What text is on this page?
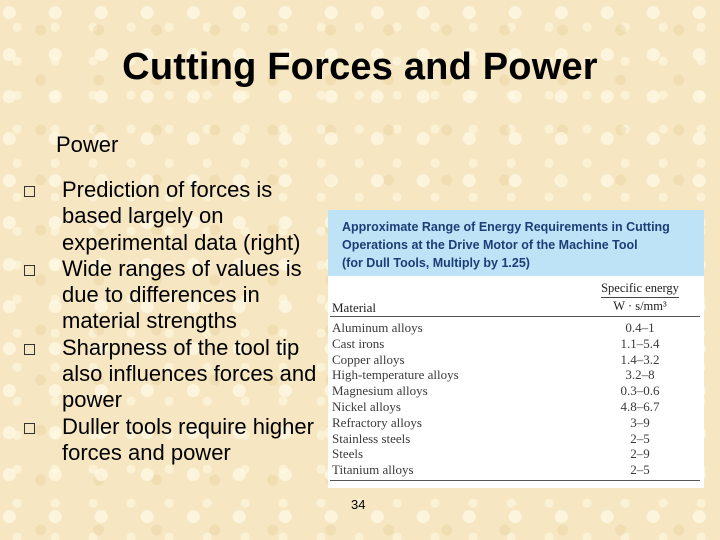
Cutting Forces and Power
Power
Prediction of forces is based largely on experimental data (right)
Wide ranges of values is due to differences in material strengths
Sharpness of the tool tip also influences forces and power
Duller tools require higher forces and power
Approximate Range of Energy Requirements in Cutting
Operations at the Drive Motor of the Machine Tool
(for Dull Tools, Multiply by 1.25)
Specific energy
W · s/mm³
Material
Aluminum alloys	0.4–1
Cast irons	1.1–5.4
Copper alloys	1.4–3.2
High-temperature alloys	3.2–8
Magnesium alloys	0.3–0.6
Nickel alloys	4.8–6.7
Refractory alloys	3–9
Stainless steels	2–5
Steels	2–9
Titanium alloys	2–5
34
